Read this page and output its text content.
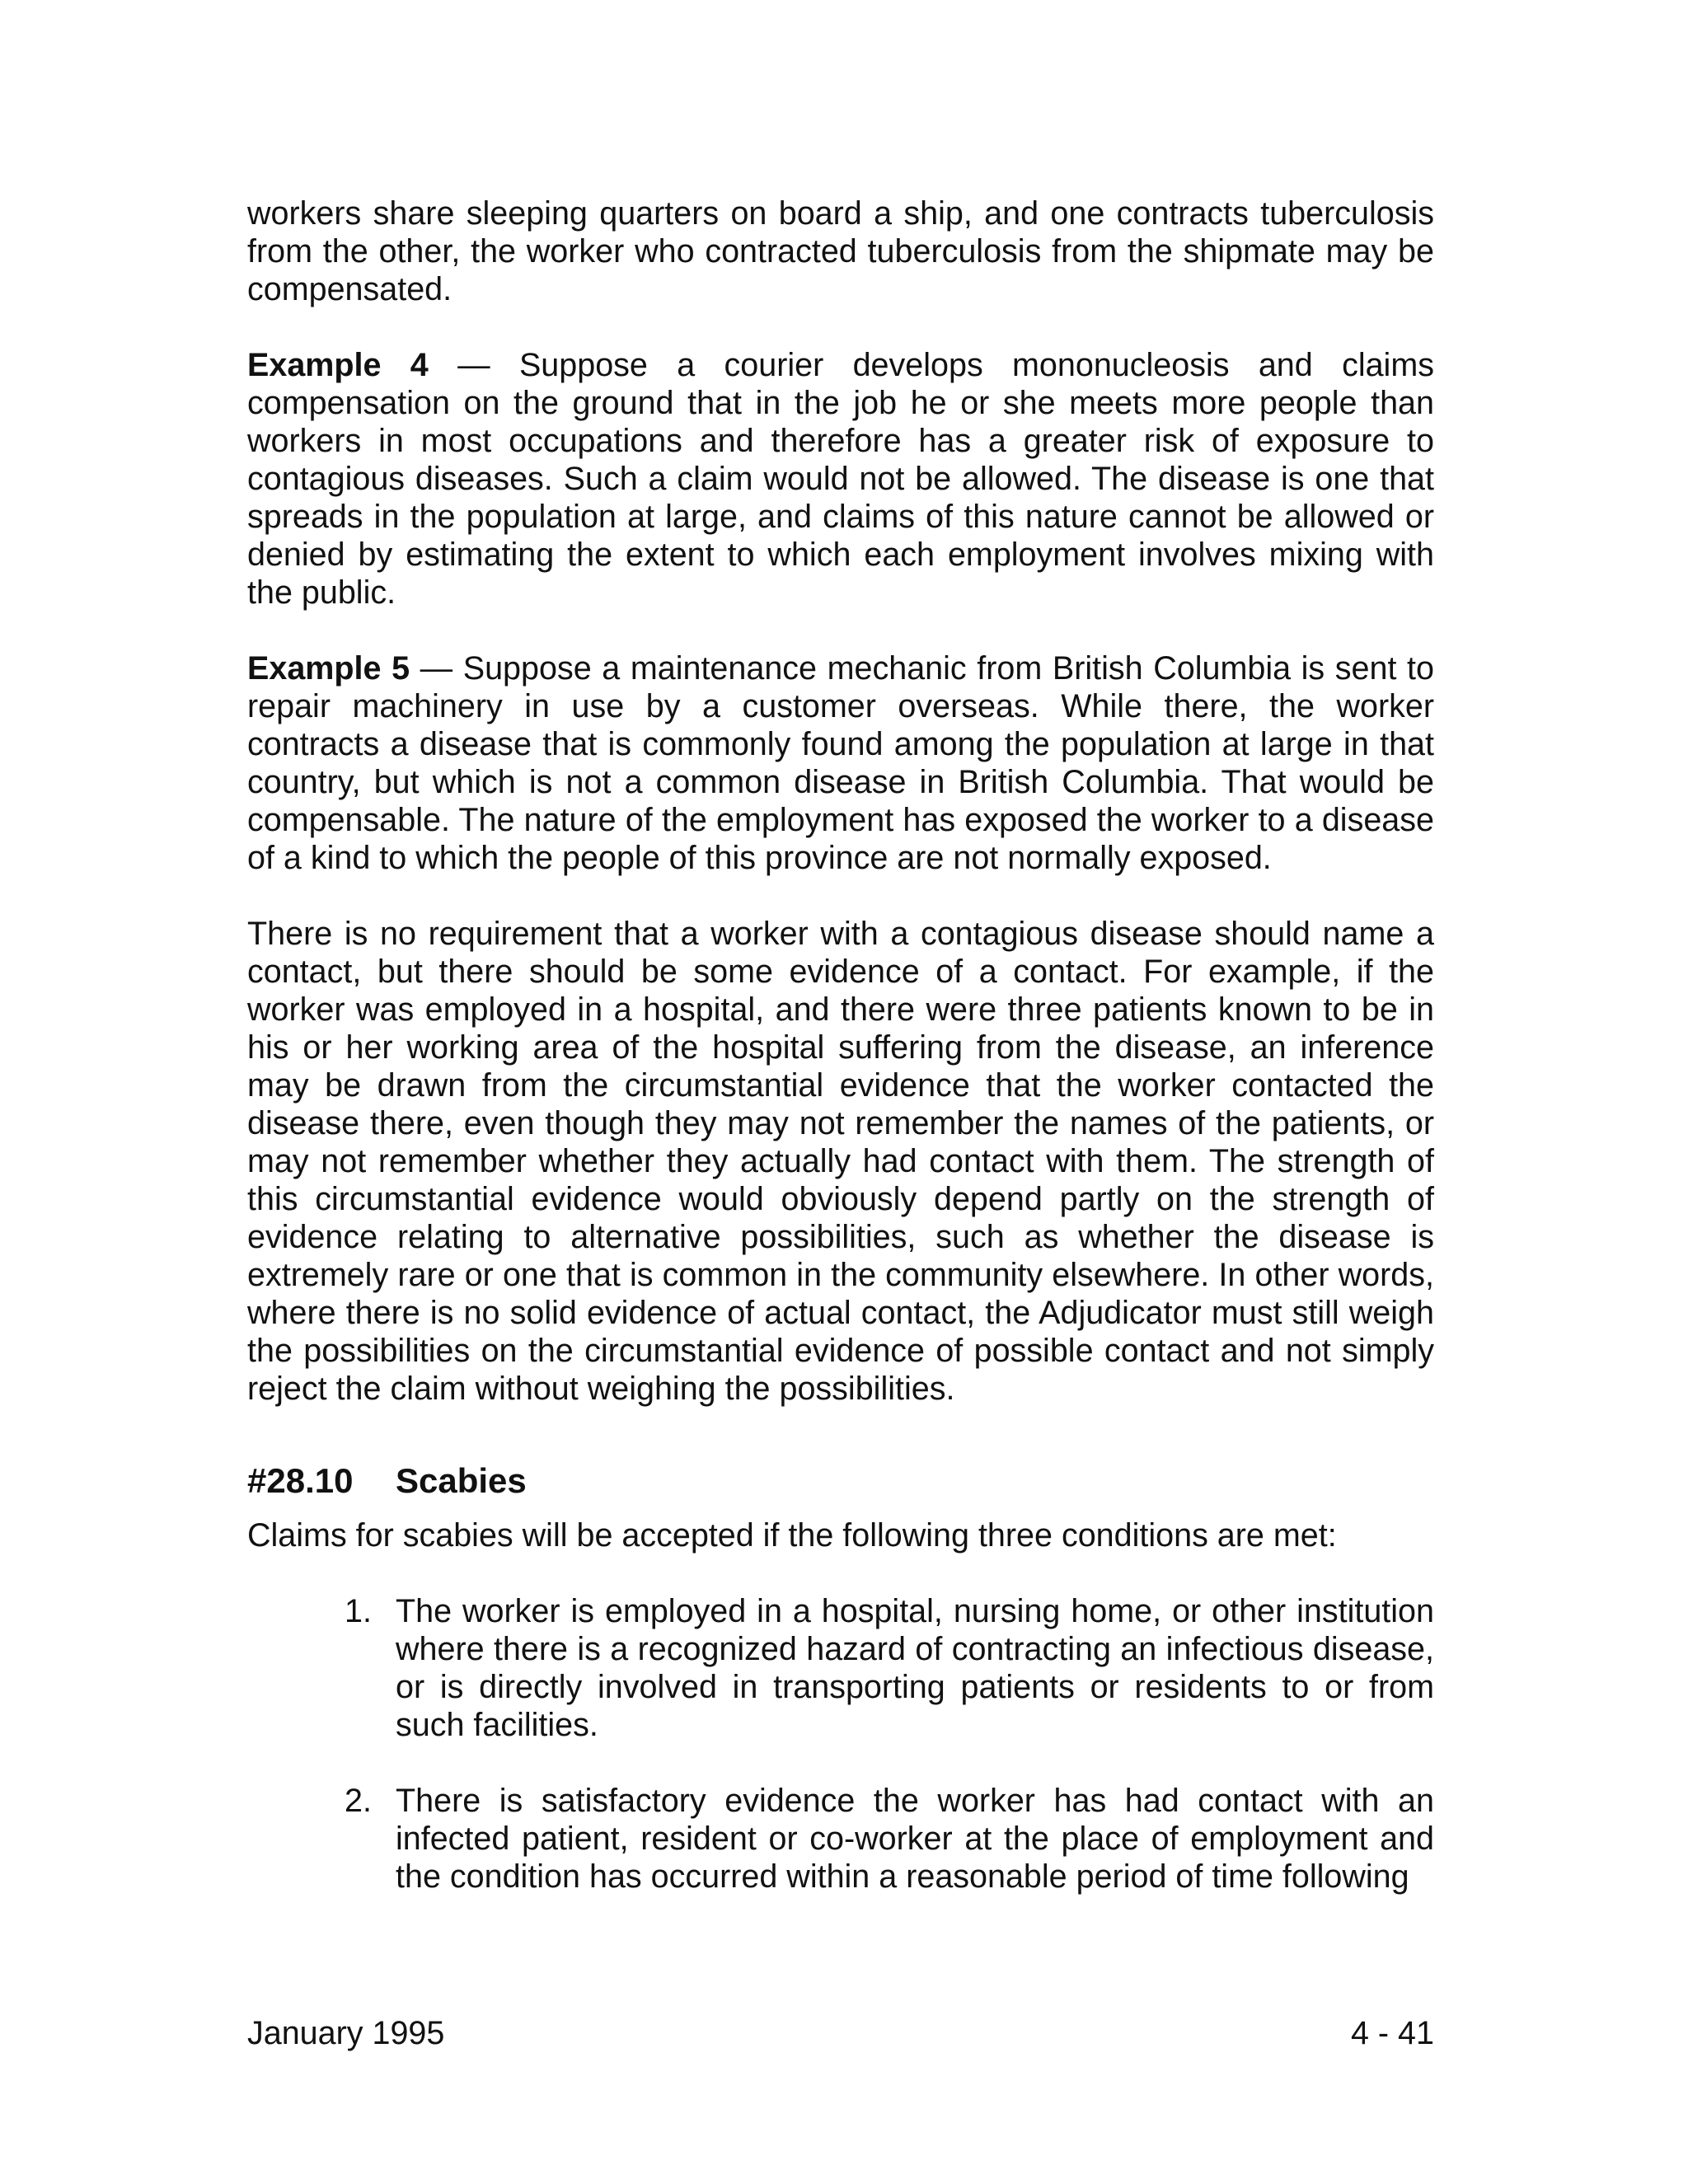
workers share sleeping quarters on board a ship, and one contracts tuberculosis from the other, the worker who contracted tuberculosis from the shipmate may be compensated.

Example 4 — Suppose a courier develops mononucleosis and claims compensation on the ground that in the job he or she meets more people than workers in most occupations and therefore has a greater risk of exposure to contagious diseases. Such a claim would not be allowed. The disease is one that spreads in the population at large, and claims of this nature cannot be allowed or denied by estimating the extent to which each employment involves mixing with the public.

Example 5 — Suppose a maintenance mechanic from British Columbia is sent to repair machinery in use by a customer overseas. While there, the worker contracts a disease that is commonly found among the population at large in that country, but which is not a common disease in British Columbia. That would be compensable. The nature of the employment has exposed the worker to a disease of a kind to which the people of this province are not normally exposed.

There is no requirement that a worker with a contagious disease should name a contact, but there should be some evidence of a contact. For example, if the worker was employed in a hospital, and there were three patients known to be in his or her working area of the hospital suffering from the disease, an inference may be drawn from the circumstantial evidence that the worker contacted the disease there, even though they may not remember the names of the patients, or may not remember whether they actually had contact with them. The strength of this circumstantial evidence would obviously depend partly on the strength of evidence relating to alternative possibilities, such as whether the disease is extremely rare or one that is common in the community elsewhere. In other words, where there is no solid evidence of actual contact, the Adjudicator must still weigh the possibilities on the circumstantial evidence of possible contact and not simply reject the claim without weighing the possibilities.

#28.10 Scabies

Claims for scabies will be accepted if the following three conditions are met:

1. The worker is employed in a hospital, nursing home, or other institution where there is a recognized hazard of contracting an infectious disease, or is directly involved in transporting patients or residents to or from such facilities.
2. There is satisfactory evidence the worker has had contact with an infected patient, resident or co-worker at the place of employment and the condition has occurred within a reasonable period of time following
January 1995	4 - 41
